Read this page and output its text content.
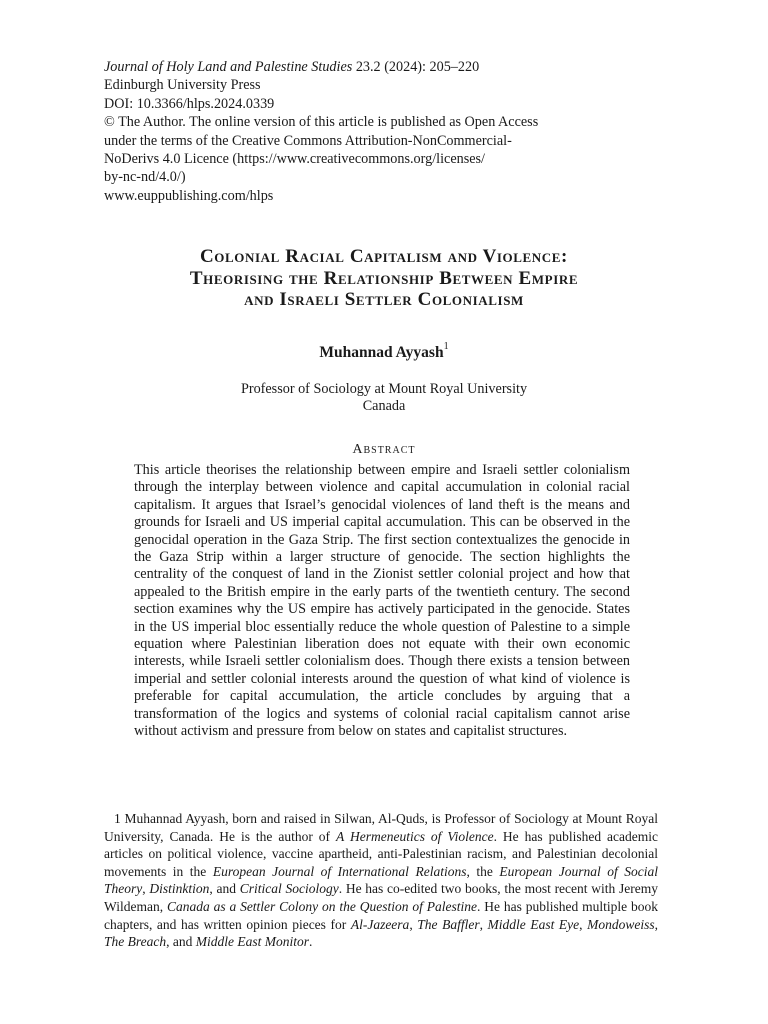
Journal of Holy Land and Palestine Studies 23.2 (2024): 205–220
Edinburgh University Press
DOI: 10.3366/hlps.2024.0339
© The Author. The online version of this article is published as Open Access
under the terms of the Creative Commons Attribution-NonCommercial-
NoDerivs 4.0 Licence (https://www.creativecommons.org/licenses/
by-nc-nd/4.0/)
www.euppublishing.com/hlps
Colonial Racial Capitalism and Violence:
Theorising the Relationship Between Empire
and Israeli Settler Colonialism
Muhannad Ayyash$^1$
Professor of Sociology at Mount Royal University
Canada
Abstract
This article theorises the relationship between empire and Israeli settler colonialism through the interplay between violence and capital accumulation in colonial racial capitalism. It argues that Israel’s genocidal violences of land theft is the means and grounds for Israeli and US imperial capital accumulation. This can be observed in the genocidal operation in the Gaza Strip. The first section contextualizes the genocide in the Gaza Strip within a larger structure of genocide. The section highlights the centrality of the conquest of land in the Zionist settler colonial project and how that appealed to the British empire in the early parts of the twentieth century. The second section examines why the US empire has actively participated in the genocide. States in the US imperial bloc essentially reduce the whole question of Palestine to a simple equation where Palestinian liberation does not equate with their own economic interests, while Israeli settler colonialism does. Though there exists a tension between imperial and settler colonial interests around the question of what kind of violence is preferable for capital accumulation, the article concludes by arguing that a transformation of the logics and systems of colonial racial capitalism cannot arise without activism and pressure from below on states and capitalist structures.
1 Muhannad Ayyash, born and raised in Silwan, Al-Quds, is Professor of Sociology at Mount Royal University, Canada. He is the author of A Hermeneutics of Violence. He has published academic articles on political violence, vaccine apartheid, anti-Palestinian racism, and Palestinian decolonial movements in the European Journal of International Relations, the European Journal of Social Theory, Distinktion, and Critical Sociology. He has co-edited two books, the most recent with Jeremy Wildeman, Canada as a Settler Colony on the Question of Palestine. He has published multiple book chapters, and has written opinion pieces for Al-Jazeera, The Baffler, Middle East Eye, Mondoweiss, The Breach, and Middle East Monitor.
